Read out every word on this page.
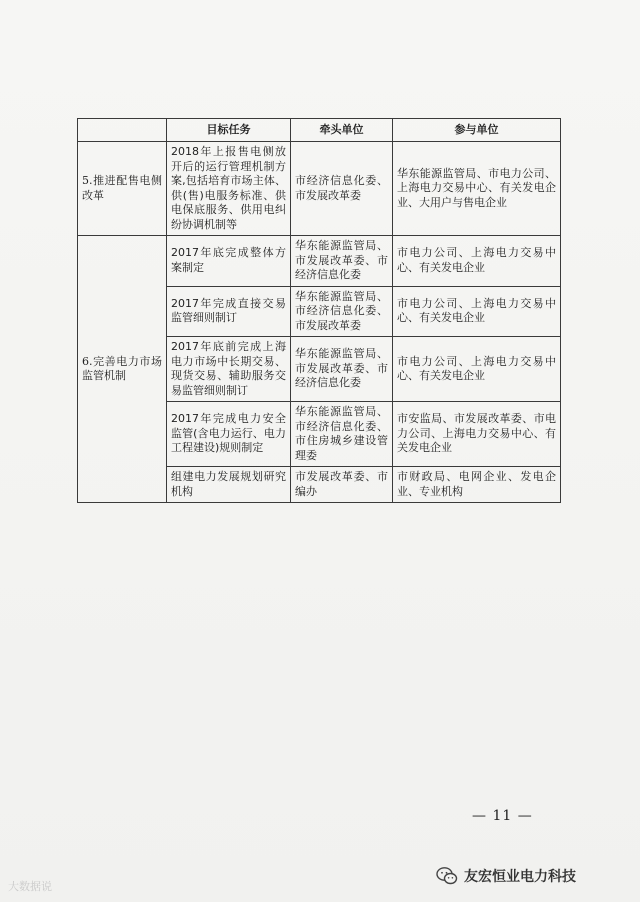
	目标任务	牵头单位	参与单位
5.推进配售电侧改革	2018年上报售电侧放开后的运行管理机制方案,包括培育市场主体、供(售)电服务标准、供电保底服务、供用电纠纷协调机制等	市经济信息化委、市发展改革委	华东能源监管局、市电力公司、上海电力交易中心、有关发电企业、大用户与售电企业
6.完善电力市场监管机制	2017年底完成整体方案制定	华东能源监管局、市发展改革委、市经济信息化委	市电力公司、上海电力交易中心、有关发电企业
	2017年完成直接交易监管细则制订	华东能源监管局、市经济信息化委、市发展改革委	市电力公司、上海电力交易中心、有关发电企业
	2017年底前完成上海电力市场中长期交易、现货交易、辅助服务交易监管细则制订	华东能源监管局、市发展改革委、市经济信息化委	市电力公司、上海电力交易中心、有关发电企业
	2017年完成电力安全监管(含电力运行、电力工程建设)规则制定	华东能源监管局、市经济信息化委、市住房城乡建设管理委	市安监局、市发展改革委、市电力公司、上海电力交易中心、有关发电企业
	组建电力发展规划研究机构	市发展改革委、市编办	市财政局、电网企业、发电企业、专业机构
— 11 —
大数据说
友宏恒业电力科技
